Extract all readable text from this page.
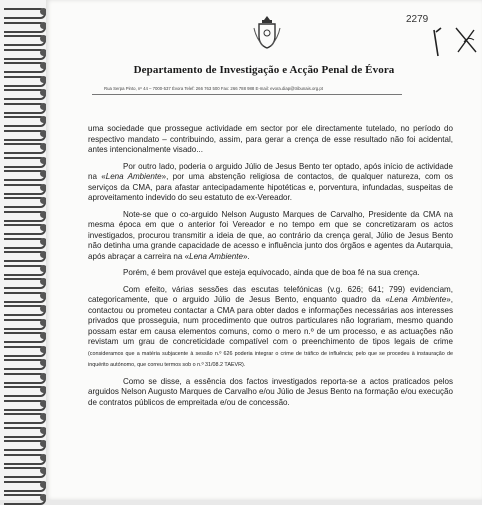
2279
Departamento de Investigação e Acção Penal de Évora
Rua Serpa Pinto, nº 44 – 7000-537 Évora Telef: 266 763 500 Fax: 266 788 988 E-mail: evora.diap@tribunais.org.pt

uma sociedade que prossegue actividade em sector por ele directamente tutelado, no período do respectivo mandato – contribuindo, assim, para gerar a crença de esse resultado não foi acidental, antes intencionalmente visado...

Por outro lado, poderia o arguido Júlio de Jesus Bento ter optado, após início de actividade na «Lena Ambiente», por uma abstenção religiosa de contactos, de qualquer natureza, com os serviços da CMA, para afastar antecipadamente hipotéticas e, porventura, infundadas, suspeitas de aproveitamento indevido do seu estatuto de ex-Vereador.

Note-se que o co-arguido Nelson Augusto Marques de Carvalho, Presidente da CMA na mesma época em que o anterior foi Vereador e no tempo em que se concretizaram os actos investigados, procurou transmitir a ideia de que, ao contrário da crença geral, Júlio de Jesus Bento não detinha uma grande capacidade de acesso e influência junto dos órgãos e agentes da Autarquia, após abraçar a carreira na «Lena Ambiente».

Porém, é bem provável que esteja equivocado, ainda que de boa fé na sua crença.

Com efeito, várias sessões das escutas telefónicas (v.g. 626; 641; 799) evidenciam, categoricamente, que o arguido Júlio de Jesus Bento, enquanto quadro da «Lena Ambiente», contactou ou prometeu contactar a CMA para obter dados e informações necessárias aos interesses privados que prosseguia, num procedimento que outros particulares não lograriam, mesmo quando possam estar em causa elementos comuns, como o mero n.º de um processo, e as actuações não revistam um grau de concreticidade compatível com o preenchimento de tipos legais de crime (consideramos que a matéria subjacente à sessão n.º 626 poderia integrar o crime de tráfico de influência; pelo que se procedeu à instauração de inquérito autónomo, que correu termos sob o n.º 31/08.2 TAEVR).

Como se disse, a essência dos factos investigados reporta-se a actos praticados pelos arguidos Nelson Augusto Marques de Carvalho e/ou Júlio de Jesus Bento na formação e/ou execução de contratos públicos de empreitada e/ou de concessão.
